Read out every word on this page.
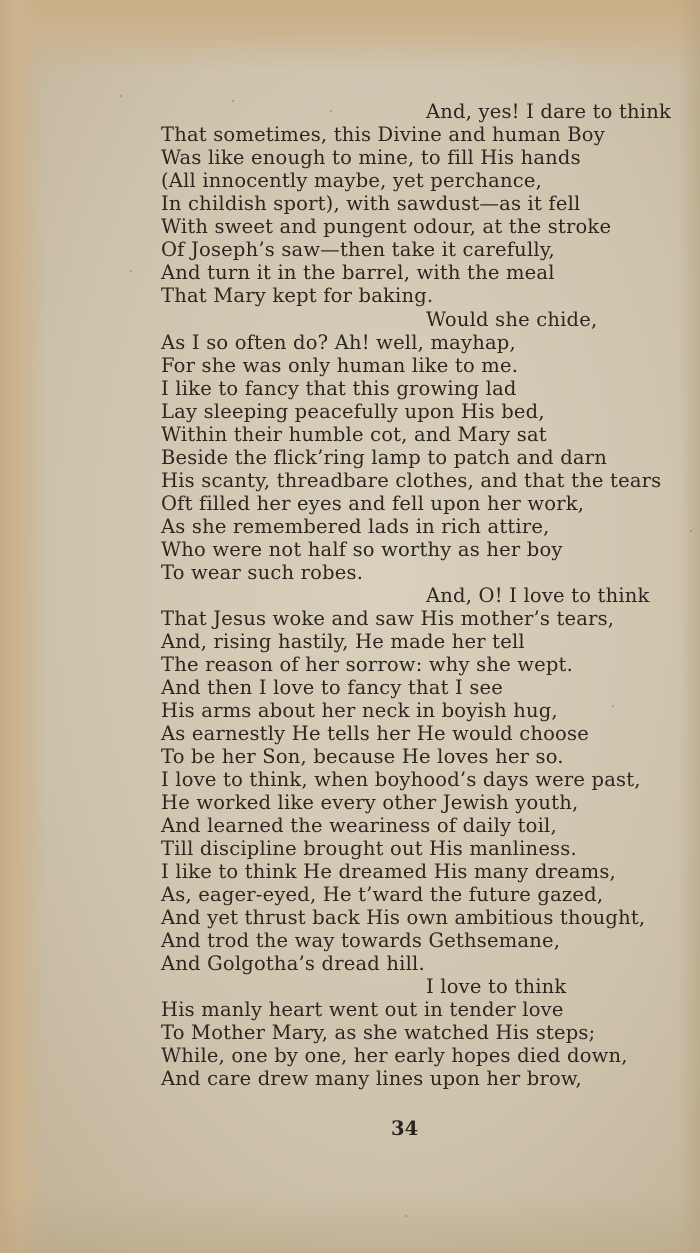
And, yes! I dare to think

That sometimes, this Divine and human Boy

Was like enough to mine, to fill His hands

(All innocently maybe, yet perchance,

In childish sport), with sawdust—as it fell

With sweet and pungent odour, at the stroke

Of Joseph’s saw—then take it carefully,

And turn it in the barrel, with the meal

That Mary kept for baking.

Would she chide,

As I so often do? Ah! well, mayhap,

For she was only human like to me.

I like to fancy that this growing lad

Lay sleeping peacefully upon His bed,

Within their humble cot, and Mary sat

Beside the flick’ring lamp to patch and darn

His scanty, threadbare clothes, and that the tears

Oft filled her eyes and fell upon her work,

As she remembered lads in rich attire,

Who were not half so worthy as her boy

To wear such robes.

And, O! I love to think

That Jesus woke and saw His mother’s tears,

And, rising hastily, He made her tell

The reason of her sorrow: why she wept.

And then I love to fancy that I see

His arms about her neck in boyish hug,

As earnestly He tells her He would choose

To be her Son, because He loves her so.

I love to think, when boyhood’s days were past,

He worked like every other Jewish youth,

And learned the weariness of daily toil,

Till discipline brought out His manliness.

I like to think He dreamed His many dreams,

As, eager-eyed, He t’ward the future gazed,

And yet thrust back His own ambitious thought,

And trod the way towards Gethsemane,

And Golgotha’s dread hill.

I love to think

His manly heart went out in tender love

To Mother Mary, as she watched His steps;

While, one by one, her early hopes died down,

And care drew many lines upon her brow,

34
